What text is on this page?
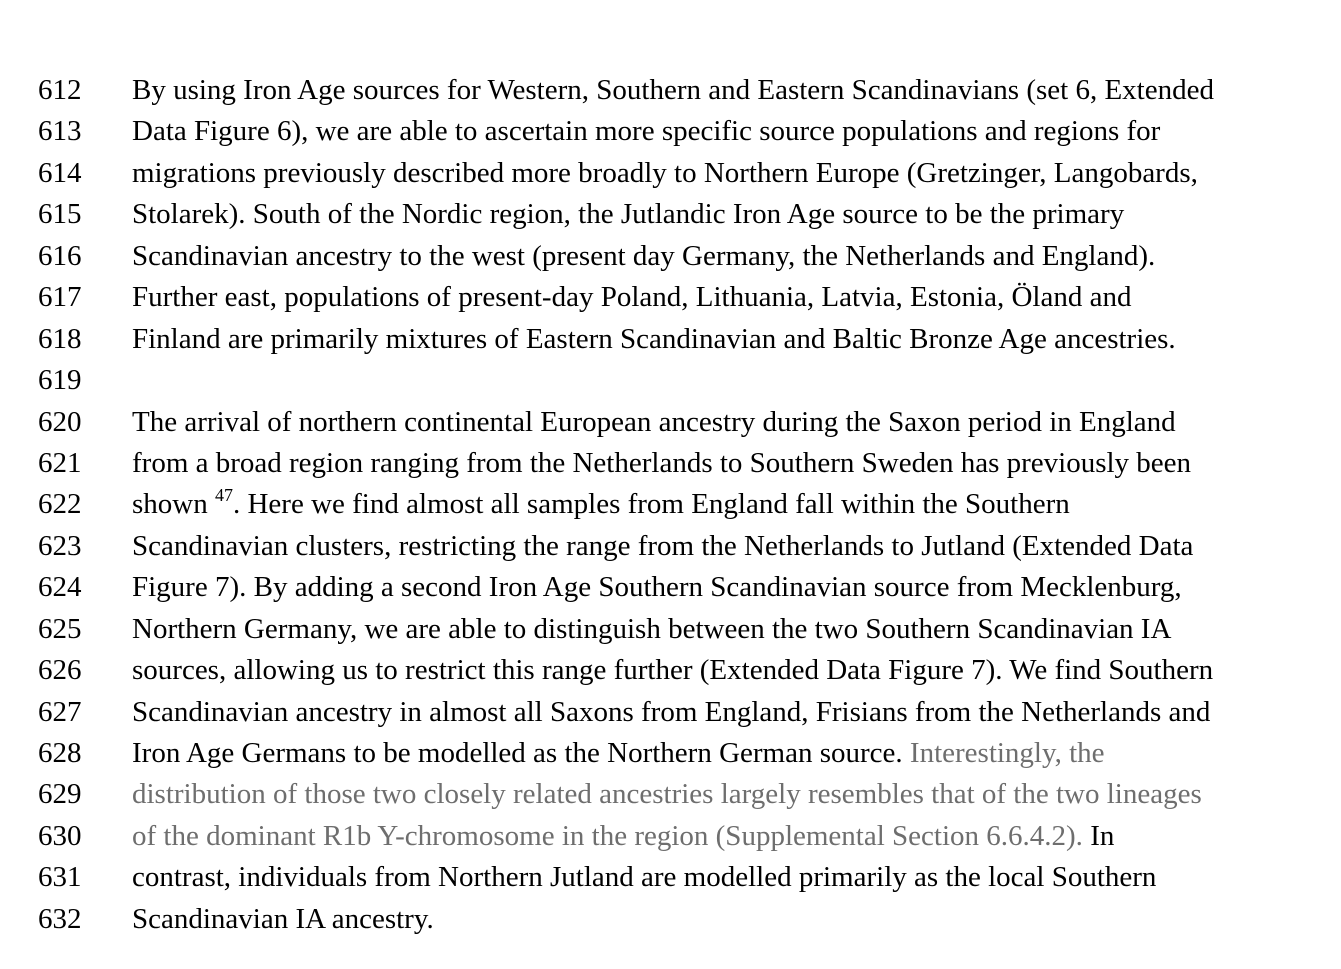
612	By using Iron Age sources for Western, Southern and Eastern Scandinavians (set 6, Extended
613	Data Figure 6), we are able to ascertain more specific source populations and regions for
614	migrations previously described more broadly to Northern Europe (Gretzinger, Langobards,
615	Stolarek). South of the Nordic region, the Jutlandic Iron Age source to be the primary
616	Scandinavian ancestry to the west (present day Germany, the Netherlands and England).
617	Further east, populations of present-day Poland, Lithuania, Latvia, Estonia, Öland and
618	Finland are primarily mixtures of Eastern Scandinavian and Baltic Bronze Age ancestries.
619
620	The arrival of northern continental European ancestry during the Saxon period in England
621	from a broad region ranging from the Netherlands to Southern Sweden has previously been
622	shown $^{47}$. Here we find almost all samples from England fall within the Southern
623	Scandinavian clusters, restricting the range from the Netherlands to Jutland (Extended Data
624	Figure 7). By adding a second Iron Age Southern Scandinavian source from Mecklenburg,
625	Northern Germany, we are able to distinguish between the two Southern Scandinavian IA
626	sources, allowing us to restrict this range further (Extended Data Figure 7). We find Southern
627	Scandinavian ancestry in almost all Saxons from England, Frisians from the Netherlands and
628	Iron Age Germans to be modelled as the Northern German source. Interestingly, the
629	distribution of those two closely related ancestries largely resembles that of the two lineages
630	of the dominant R1b Y-chromosome in the region (Supplemental Section 6.6.4.2). In
631	contrast, individuals from Northern Jutland are modelled primarily as the local Southern
632	Scandinavian IA ancestry.
